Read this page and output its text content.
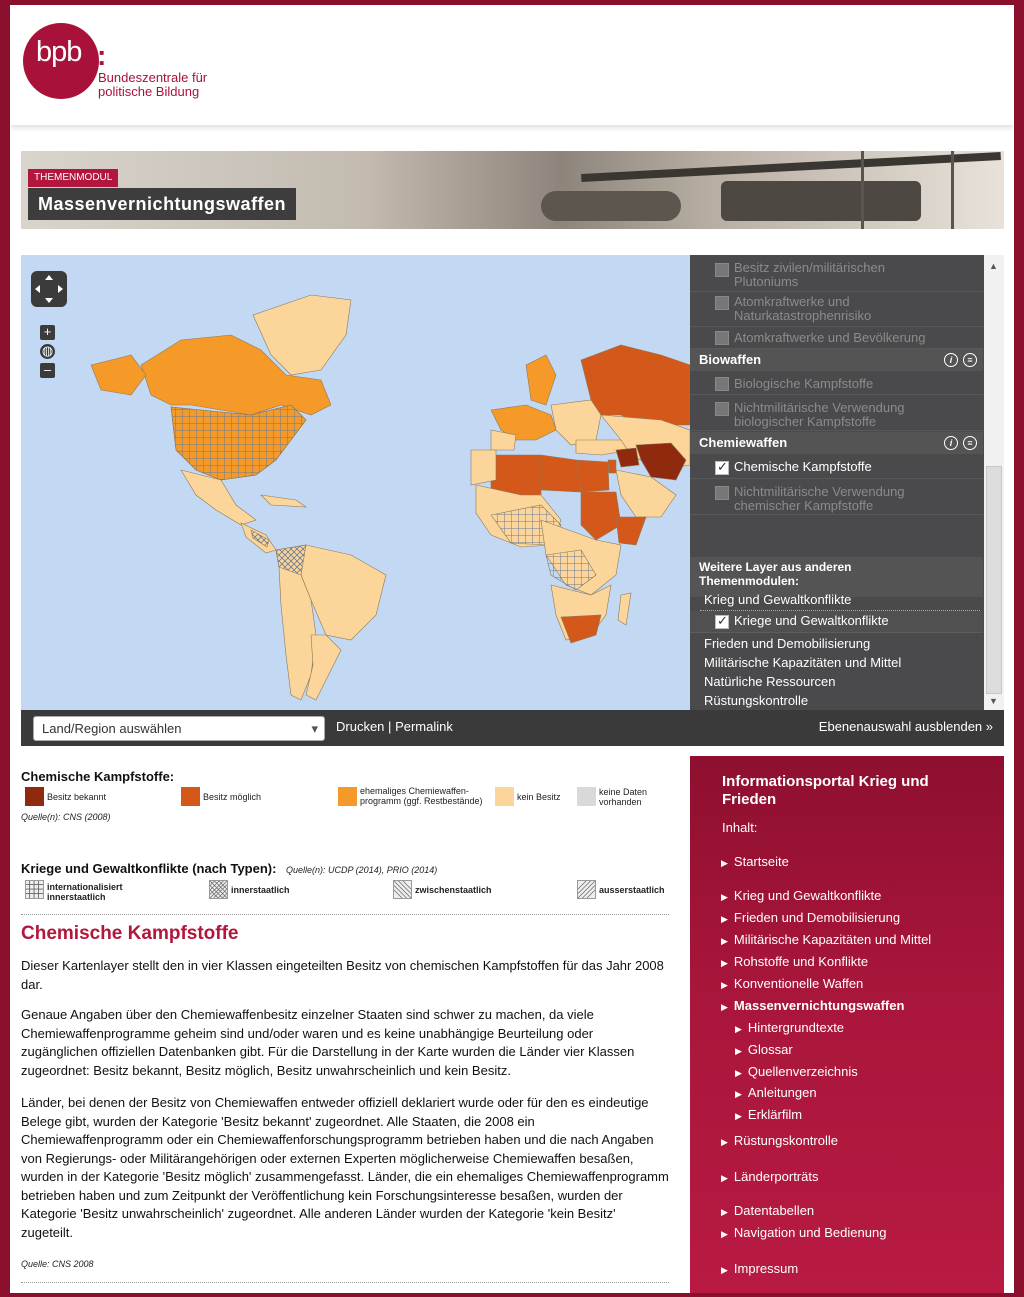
bpb :
Bundeszentrale für
politische Bildung
THEMENMODUL
Massenvernichtungswaffen
+
◍
–
Besitz zivilen/militärischen
Plutoniums
Atomkraftwerke und
Naturkatastrophenrisiko
Atomkraftwerke und Bevölkerung
Biowaffen	i	≡
Biologische Kampfstoffe
Nichtmilitärische Verwendung
biologischer Kampfstoffe
Chemiewaffen	i	≡
✓
Chemische Kampfstoffe
Nichtmilitärische Verwendung
chemischer Kampfstoffe
Weitere Layer aus anderen
Themenmodulen:
Krieg und Gewaltkonflikte
✓
Kriege und Gewaltkonflikte
Frieden und Demobilisierung
Militärische Kapazitäten und Mittel
Natürliche Ressourcen
Rüstungskontrolle
▲
▼
Land/Region auswählen ▾	Drucken | Permalink	Ebenenauswahl ausblenden »
Chemische Kampfstoffe:
Besitz bekannt	Besitz möglich
ehemaliges Chemiewaffen-
programm (ggf. Restbestände)	kein Besitz	keine Daten
vorhanden
Quelle(n): CNS (2008)
Kriege und Gewaltkonflikte (nach Typen): Quelle(n): UCDP (2014), PRIO (2014)
internationalisiert
innerstaatlich
innerstaatlich	zwischenstaatlich	ausserstaatlich
Chemische Kampfstoffe
Dieser Kartenlayer stellt den in vier Klassen eingeteilten Besitz von chemischen Kampfstoffen für das Jahr 2008 dar.
Genaue Angaben über den Chemiewaffenbesitz einzelner Staaten sind schwer zu machen, da viele Chemiewaffenprogramme geheim sind und/oder waren und es keine unabhängige Beurteilung oder zugänglichen offiziellen Datenbanken gibt. Für die Darstellung in der Karte wurden die Länder vier Klassen zugeordnet: Besitz bekannt, Besitz möglich, Besitz unwahrscheinlich und kein Besitz.
Länder, bei denen der Besitz von Chemiewaffen entweder offiziell deklariert wurde oder für den es eindeutige Belege gibt, wurden der Kategorie 'Besitz bekannt' zugeordnet. Alle Staaten, die 2008 ein Chemiewaffenprogramm oder ein Chemiewaffenforschungsprogramm betrieben haben und die nach Angaben von Regierungs- oder Militärangehörigen oder externen Experten möglicherweise Chemiewaffen besaßen, wurden in der Kategorie 'Besitz möglich' zusammengefasst. Länder, die ein ehemaliges Chemiewaffenprogramm betrieben haben und zum Zeitpunkt der Veröffentlichung kein Forschungsinteresse besaßen, wurden der Kategorie 'Besitz unwahrscheinlich' zugeordnet. Alle anderen Länder wurden der Kategorie 'kein Besitz' zugeteilt.
Quelle: CNS 2008
Informationsportal Krieg und
Frieden
Inhalt:
▶ Startseite
▶ Krieg und Gewaltkonflikte
▶ Frieden und Demobilisierung
▶ Militärische Kapazitäten und Mittel
▶ Rohstoffe und Konflikte
▶ Konventionelle Waffen
▶ Massenvernichtungswaffen
▶ Hintergrundtexte
▶ Glossar
▶ Quellenverzeichnis
▶ Anleitungen
▶ Erklärfilm
▶ Rüstungskontrolle
▶ Länderporträts
▶ Datentabellen
▶ Navigation und Bedienung
▶ Impressum
